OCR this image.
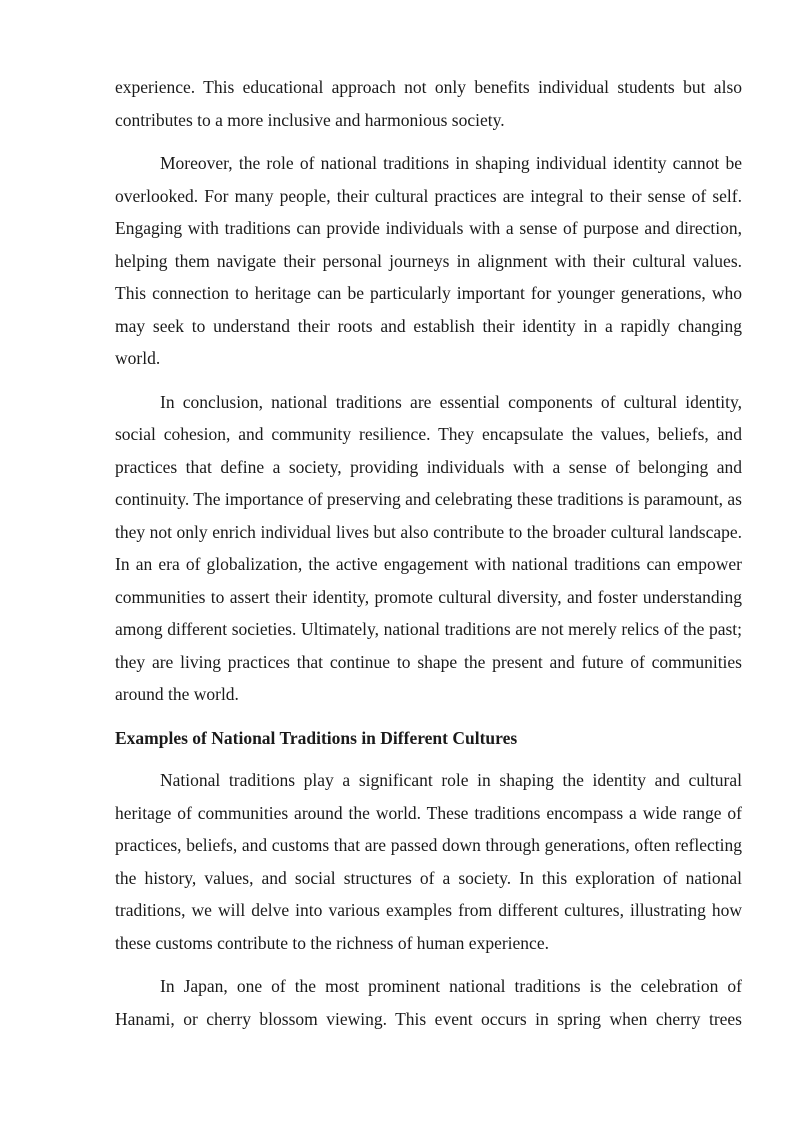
experience. This educational approach not only benefits individual students but also contributes to a more inclusive and harmonious society.

Moreover, the role of national traditions in shaping individual identity cannot be overlooked. For many people, their cultural practices are integral to their sense of self. Engaging with traditions can provide individuals with a sense of purpose and direction, helping them navigate their personal journeys in alignment with their cultural values. This connection to heritage can be particularly important for younger generations, who may seek to understand their roots and establish their identity in a rapidly changing world.

In conclusion, national traditions are essential components of cultural identity, social cohesion, and community resilience. They encapsulate the values, beliefs, and practices that define a society, providing individuals with a sense of belonging and continuity. The importance of preserving and celebrating these traditions is paramount, as they not only enrich individual lives but also contribute to the broader cultural landscape. In an era of globalization, the active engagement with national traditions can empower communities to assert their identity, promote cultural diversity, and foster understanding among different societies. Ultimately, national traditions are not merely relics of the past; they are living practices that continue to shape the present and future of communities around the world.

Examples of National Traditions in Different Cultures

National traditions play a significant role in shaping the identity and cultural heritage of communities around the world. These traditions encompass a wide range of practices, beliefs, and customs that are passed down through generations, often reflecting the history, values, and social structures of a society. In this exploration of national traditions, we will delve into various examples from different cultures, illustrating how these customs contribute to the richness of human experience.

In Japan, one of the most prominent national traditions is the celebration of Hanami, or cherry blossom viewing. This event occurs in spring when cherry trees
